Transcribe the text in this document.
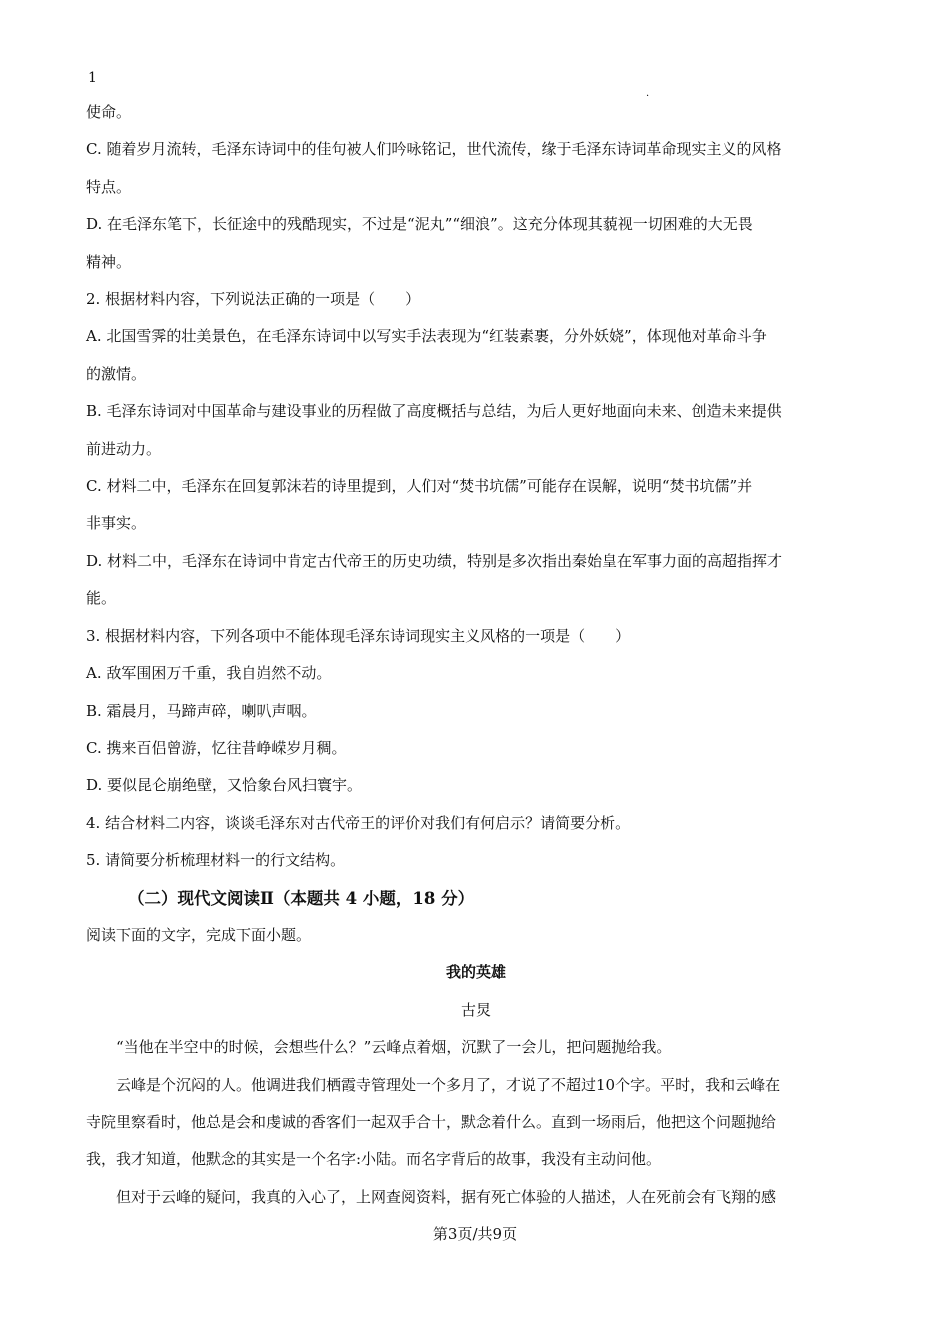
1
·

使命。

C. 随着岁月流转，毛泽东诗词中的佳句被人们吟咏铭记，世代流传，缘于毛泽东诗词革命现实主义的风格

特点。

D. 在毛泽东笔下，长征途中的残酷现实，不过是“泥丸”“细浪”。这充分体现其藐视一切困难的大无畏

精神。

2. 根据材料内容，下列说法正确的一项是（　　）

A. 北国雪霁的壮美景色，在毛泽东诗词中以写实手法表现为“红装素裹，分外妖娆”，体现他对革命斗争

的激情。

B. 毛泽东诗词对中国革命与建设事业的历程做了高度概括与总结，为后人更好地面向未来、创造未来提供

前进动力。

C. 材料二中，毛泽东在回复郭沫若的诗里提到，人们对“焚书坑儒”可能存在误解，说明“焚书坑儒”并

非事实。

D. 材料二中，毛泽东在诗词中肯定古代帝王的历史功绩，特别是多次指出秦始皇在军事力面的高超指挥才

能。

3. 根据材料内容，下列各项中不能体现毛泽东诗词现实主义风格的一项是（　　）

A. 敌军围困万千重，我自岿然不动。

B. 霜晨月，马蹄声碎，喇叭声咽。

C. 携来百侣曾游，忆往昔峥嵘岁月稠。

D. 要似昆仑崩绝壁，又恰象台风扫寰宇。

4. 结合材料二内容，谈谈毛泽东对古代帝王的评价对我们有何启示？请简要分析。

5. 请简要分析梳理材料一的行文结构。

（二）现代文阅读Ⅱ（本题共 4 小题，18 分）

阅读下面的文字，完成下面小题。

我的英雄

古炅

“当他在半空中的时候，会想些什么？”云峰点着烟，沉默了一会儿，把问题抛给我。

云峰是个沉闷的人。他调进我们栖霞寺管理处一个多月了，才说了不超过10个字。平时，我和云峰在

寺院里察看时，他总是会和虔诚的香客们一起双手合十，默念着什么。直到一场雨后，他把这个问题抛给

我，我才知道，他默念的其实是一个名字:小陆。而名字背后的故事，我没有主动问他。

但对于云峰的疑问，我真的入心了，上网查阅资料，据有死亡体验的人描述，人在死前会有飞翔的感

第3页/共9页
